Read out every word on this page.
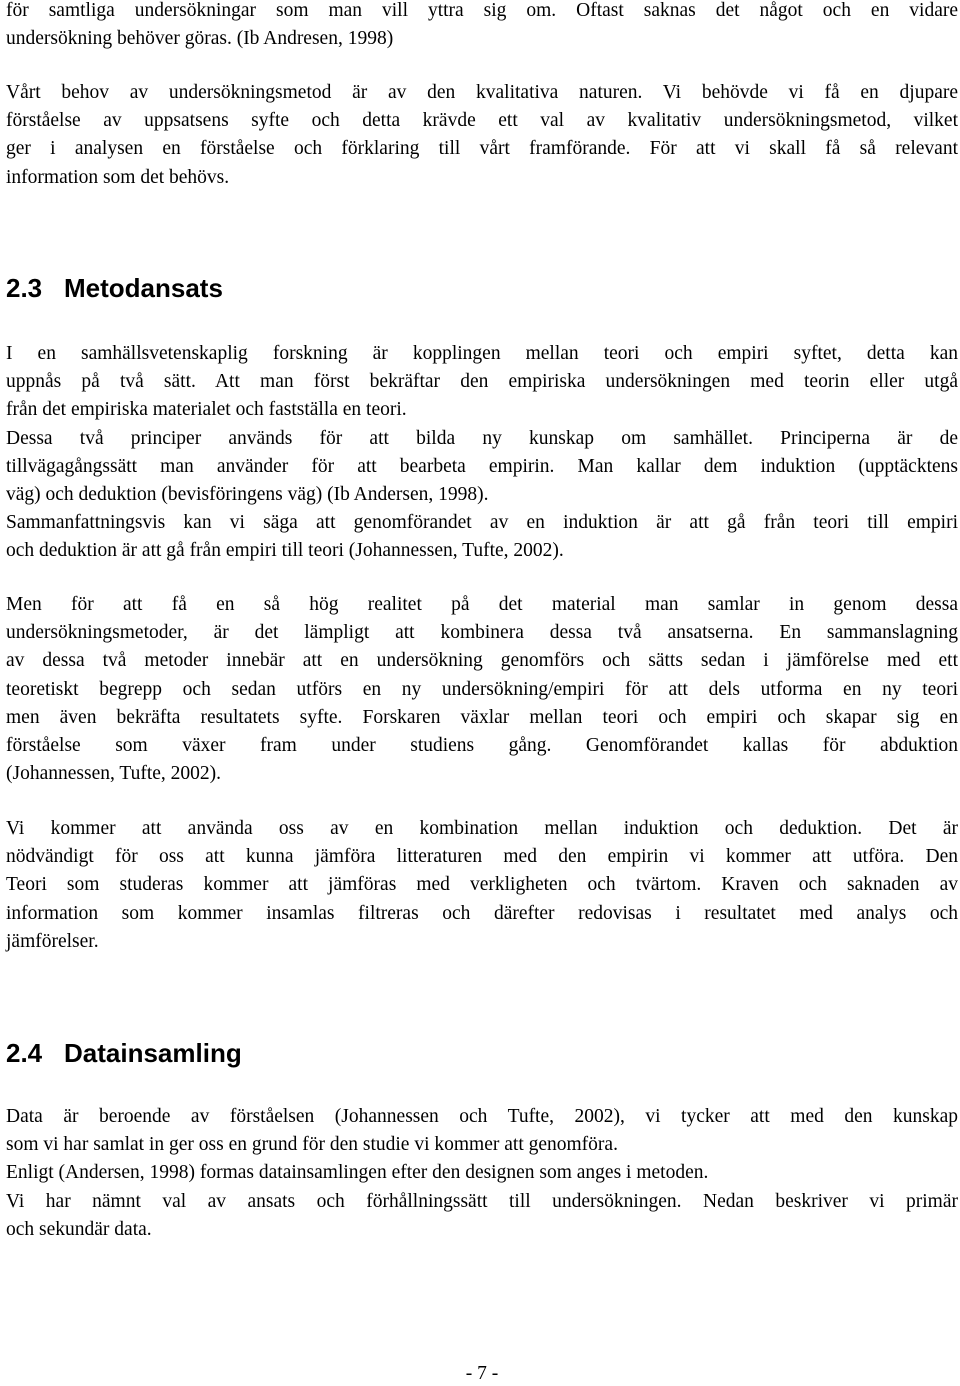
för samtliga undersökningar som man vill yttra sig om. Oftast saknas det något och en vidare
undersökning behöver göras. (Ib Andresen, 1998)
Vårt behov av undersökningsmetod är av den kvalitativa naturen. Vi behövde vi få en djupare
förståelse av uppsatsens syfte och detta krävde ett val av kvalitativ undersökningsmetod, vilket
ger i analysen en förståelse och förklaring till vårt framförande. För att vi skall få så relevant
information som det behövs.
2.3 Metodansats
I en samhällsvetenskaplig forskning är kopplingen mellan teori och empiri syftet, detta kan
uppnås på två sätt. Att man först bekräftar den empiriska undersökningen med teorin eller utgå
från det empiriska materialet och fastställa en teori.
Dessa två principer används för att bilda ny kunskap om samhället. Principerna är de
tillvägagångssätt man använder för att bearbeta empirin. Man kallar dem induktion (upptäcktens
väg) och deduktion (bevisföringens väg) (Ib Andersen, 1998).
Sammanfattningsvis kan vi säga att genomförandet av en induktion är att gå från teori till empiri
och deduktion är att gå från empiri till teori (Johannessen, Tufte, 2002).
Men för att få en så hög realitet på det material man samlar in genom dessa
undersökningsmetoder, är det lämpligt att kombinera dessa två ansatserna. En sammanslagning
av dessa två metoder innebär att en undersökning genomförs och sätts sedan i jämförelse med ett
teoretiskt begrepp och sedan utförs en ny undersökning/empiri för att dels utforma en ny teori
men även bekräfta resultatets syfte. Forskaren växlar mellan teori och empiri och skapar sig en
förståelse som växer fram under studiens gång. Genomförandet kallas för abduktion
(Johannessen, Tufte, 2002).
Vi kommer att använda oss av en kombination mellan induktion och deduktion. Det är
nödvändigt för oss att kunna jämföra litteraturen med den empirin vi kommer att utföra. Den
Teori som studeras kommer att jämföras med verkligheten och tvärtom. Kraven och saknaden av
information som kommer insamlas filtreras och därefter redovisas i resultatet med analys och
jämförelser.
2.4 Datainsamling
Data är beroende av förståelsen (Johannessen och Tufte, 2002), vi tycker att med den kunskap
som vi har samlat in ger oss en grund för den studie vi kommer att genomföra.
Enligt (Andersen, 1998) formas datainsamlingen efter den designen som anges i metoden.
Vi har nämnt val av ansats och förhållningssätt till undersökningen. Nedan beskriver vi primär
och sekundär data.
- 7 -
